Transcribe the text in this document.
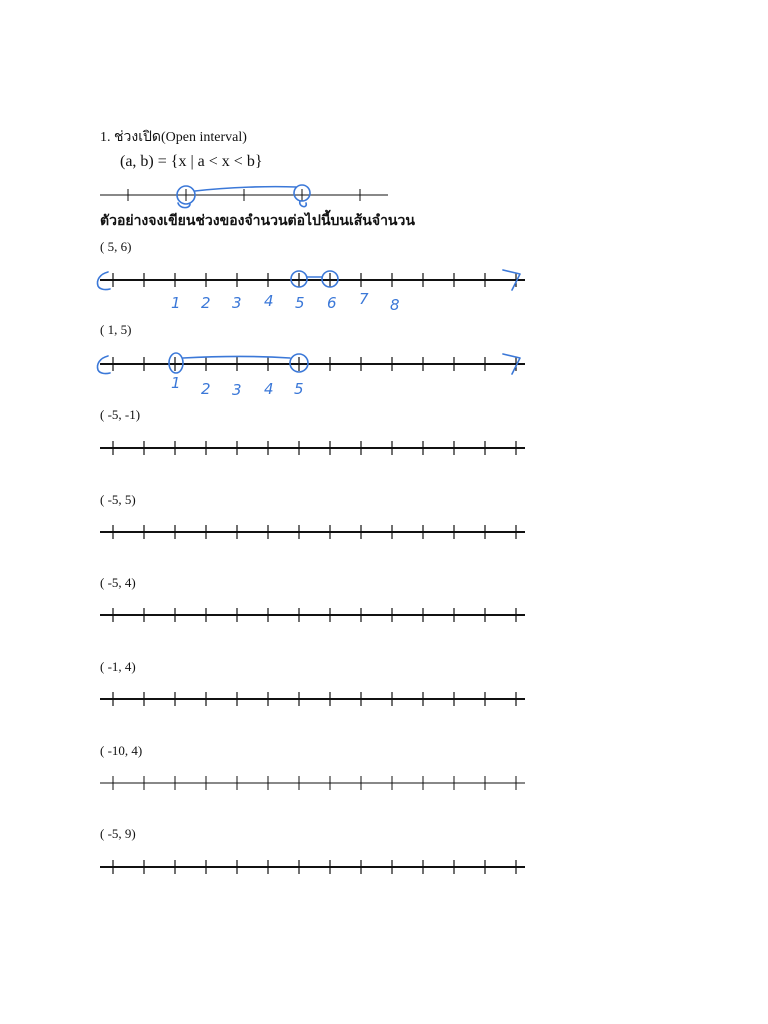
1. ช่วงเปิด(Open interval)
(a, b) = {x | a < x < b}
ตัวอย่างจงเขียนช่วงของจำนวนต่อไปนี้บนเส้นจำนวน
( 5, 6)
1 2 3 4 5 6 7 8
( 1, 5)
1 2 3 4 5
( -5, -1)
( -5, 5)
( -5, 4)
( -1, 4)
( -10, 4)
( -5, 9)
